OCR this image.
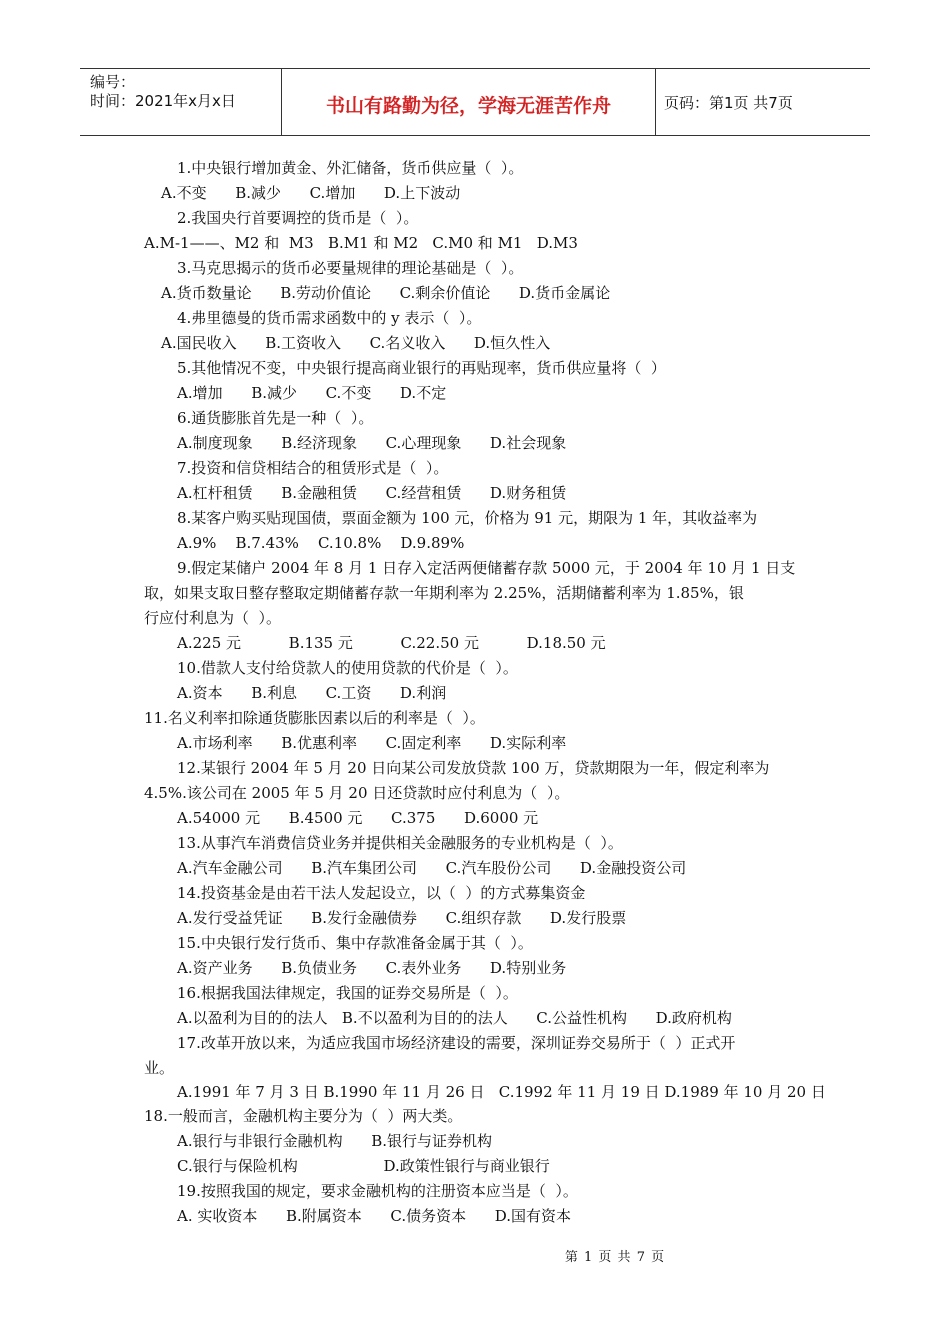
编号：
时间：2021年x月x日	书山有路勤为径，学海无涯苦作舟	页码：第1页 共7页
1.中央银行增加黄金、外汇储备，货币供应量（  ）。
A.不变      B.减少      C.增加      D.上下波动
2.我国央行首要调控的货币是（  ）。
A.M-1——、M2 和  M3   B.M1 和 M2   C.M0 和 M1   D.M3
3.马克思揭示的货币必要量规律的理论基础是（  ）。
A.货币数量论      B.劳动价值论      C.剩余价值论      D.货币金属论
4.弗里德曼的货币需求函数中的 y 表示（  ）。
A.国民收入      B.工资收入      C.名义收入      D.恒久性入
5.其他情况不变，中央银行提高商业银行的再贴现率，货币供应量将（  ）
A.增加      B.减少      C.不变      D.不定
6.通货膨胀首先是一种（  ）。
A.制度现象      B.经济现象      C.心理现象      D.社会现象
7.投资和信贷相结合的租赁形式是（  ）。
A.杠杆租赁      B.金融租赁      C.经营租赁      D.财务租赁
8.某客户购买贴现国债，票面金额为 100 元，价格为 91 元，期限为 1 年，其收益率为
A.9%    B.7.43%    C.10.8%    D.9.89%
9.假定某储户 2004 年 8 月 1 日存入定活两便储蓄存款 5000 元，于 2004 年 10 月 1 日支
取，如果支取日整存整取定期储蓄存款一年期利率为 2.25%，活期储蓄利率为 1.85%，银
行应付利息为（  ）。
A.225 元          B.135 元          C.22.50 元          D.18.50 元
10.借款人支付给贷款人的使用贷款的代价是（  ）。
A.资本      B.利息      C.工资      D.利润
11.名义利率扣除通货膨胀因素以后的利率是（  ）。
A.市场利率      B.优惠利率      C.固定利率      D.实际利率
12.某银行 2004 年 5 月 20 日向某公司发放贷款 100 万，贷款期限为一年，假定利率为
4.5%.该公司在 2005 年 5 月 20 日还贷款时应付利息为（  ）。
A.54000 元      B.4500 元      C.375      D.6000 元
13.从事汽车消费信贷业务并提供相关金融服务的专业机构是（  ）。
A.汽车金融公司      B.汽车集团公司      C.汽车股份公司      D.金融投资公司
14.投资基金是由若干法人发起设立，以（  ）的方式募集资金
A.发行受益凭证      B.发行金融债券      C.组织存款      D.发行股票
15.中央银行发行货币、集中存款准备金属于其（  ）。
A.资产业务      B.负债业务      C.表外业务      D.特别业务
16.根据我国法律规定，我国的证券交易所是（  ）。
A.以盈利为目的的法人   B.不以盈利为目的的法人      C.公益性机构      D.政府机构
17.改革开放以来，为适应我国市场经济建设的需要，深圳证券交易所于（  ）正式开
业。
A.1991 年 7 月 3 日 B.1990 年 11 月 26 日   C.1992 年 11 月 19 日 D.1989 年 10 月 20 日
18.一般而言，金融机构主要分为（  ）两大类。
A.银行与非银行金融机构      B.银行与证券机构
C.银行与保险机构                  D.政策性银行与商业银行
19.按照我国的规定，要求金融机构的注册资本应当是（  ）。
A. 实收资本      B.附属资本      C.债务资本      D.国有资本
第 1 页 共 7 页
